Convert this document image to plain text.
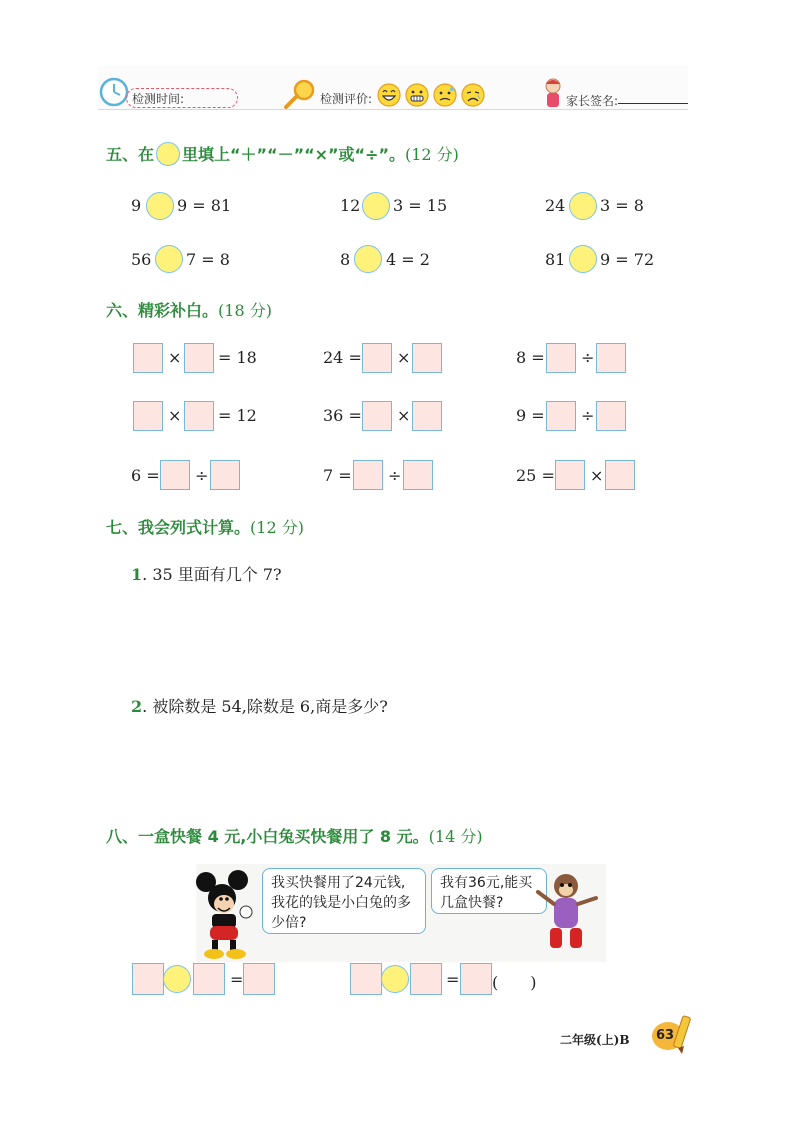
检测时间:	检测评价:	家长签名:
五、在 里填上“＋”“－”“×”或“÷”。(12 分)
9 9 = 81	12 3 = 15	24 3 = 8
56 7 = 8	8 4 = 2	81 9 = 72
六、精彩补白。(18 分)
× = 18	24 = ×	8 = ÷
× = 12	36 = ×	9 = ÷
6 = ÷	7 = ÷	25 = ×
七、我会列式计算。(12 分)
1. 35 里面有几个 7?
2. 被除数是 54,除数是 6,商是多少?
八、一盒快餐 4 元,小白兔买快餐用了 8 元。(14 分)
我买快餐用了24元钱,我花的钱是小白兔的多少倍?
我有36元,能买几盒快餐?
=	= (　　)
二年级(上)B 63
